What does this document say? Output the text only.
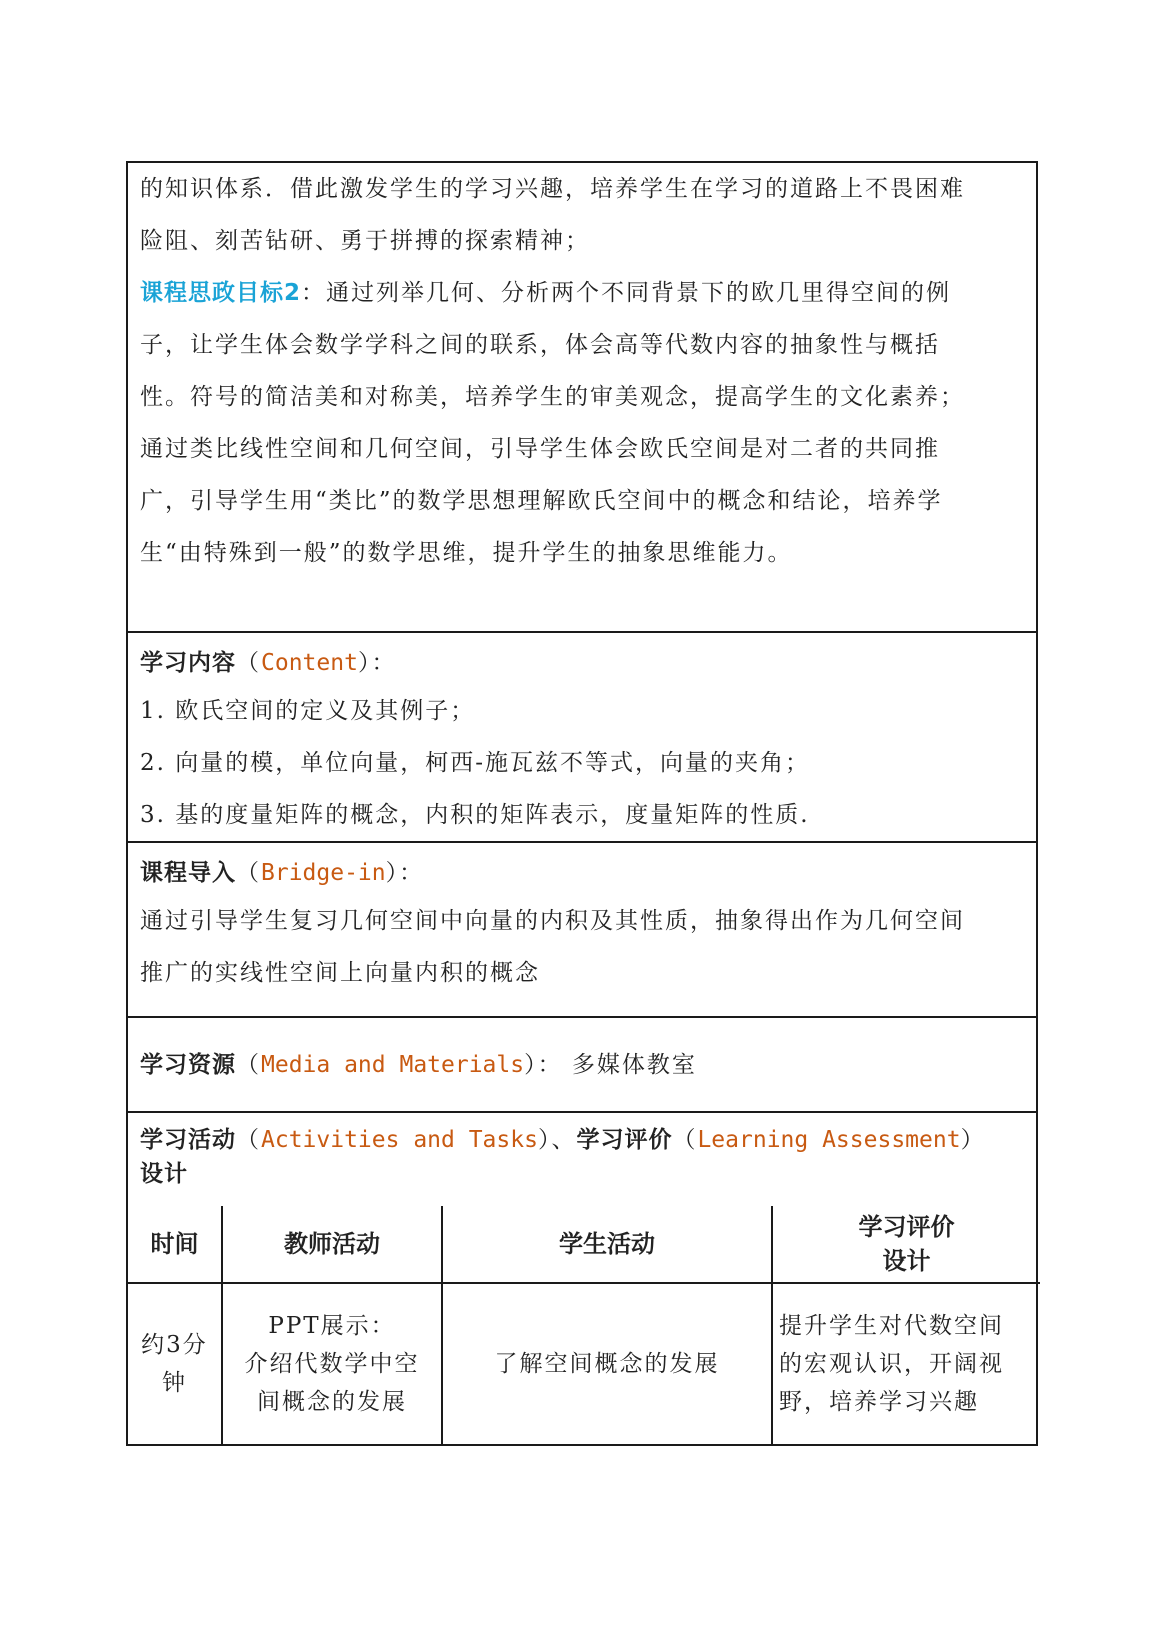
的知识体系．借此激发学生的学习兴趣，培养学生在学习的道路上不畏困难

险阻、刻苦钻研、勇于拼搏的探索精神；

课程思政目标2：通过列举几何、分析两个不同背景下的欧几里得空间的例

子，让学生体会数学学科之间的联系，体会高等代数内容的抽象性与概括

性。符号的简洁美和对称美，培养学生的审美观念，提高学生的文化素养；

通过类比线性空间和几何空间，引导学生体会欧氏空间是对二者的共同推

广，引导学生用“类比”的数学思想理解欧氏空间中的概念和结论，培养学

生“由特殊到一般”的数学思维，提升学生的抽象思维能力。

学习内容（Content）：

1. 欧氏空间的定义及其例子；

2. 向量的模，单位向量，柯西-施瓦兹不等式，向量的夹角；

3. 基的度量矩阵的概念，内积的矩阵表示，度量矩阵的性质.

课程导入（Bridge-in）：

通过引导学生复习几何空间中向量的内积及其性质，抽象得出作为几何空间

推广的实线性空间上向量内积的概念

学习资源（Media and Materials）： 多媒体教室

学习活动（Activities and Tasks）、学习评价（Learning Assessment）

设计

时间	教师活动	学生活动	学习评价
设计
约3分
钟	PPT展示：
介绍代数学中空
间概念的发展	了解空间概念的发展	提升学生对代数空间
的宏观认识，开阔视
野，培养学习兴趣
